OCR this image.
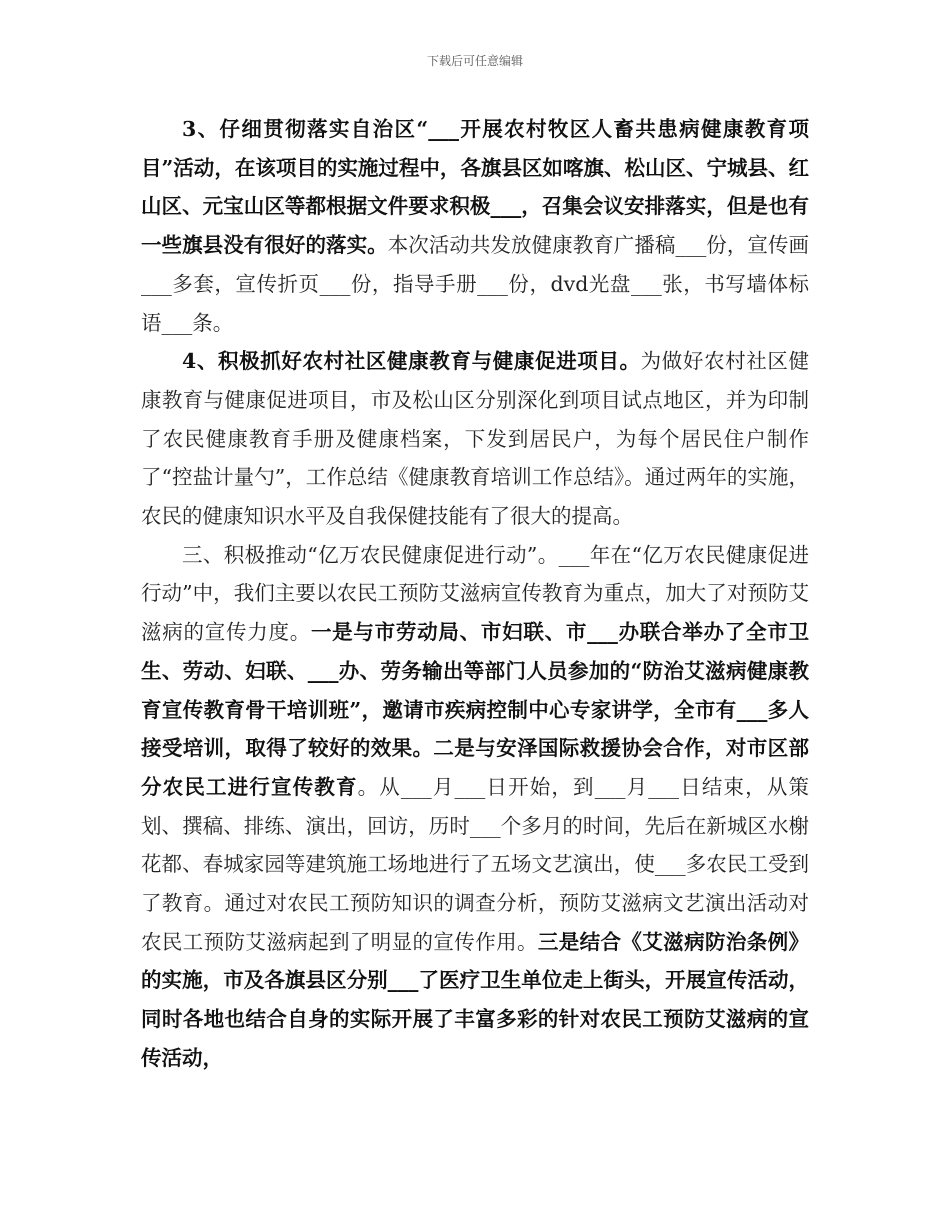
下载后可任意编辑

3、仔细贯彻落实自治区“___开展农村牧区人畜共患病健康教育项目”活动，在该项目的实施过程中，各旗县区如喀旗、松山区、宁城县、红山区、元宝山区等都根据文件要求积极___，召集会议安排落实，但是也有一些旗县没有很好的落实。本次活动共发放健康教育广播稿___份，宣传画___多套，宣传折页___份，指导手册___份，dvd光盘___张，书写墙体标语___条。

4、积极抓好农村社区健康教育与健康促进项目。为做好农村社区健康教育与健康促进项目，市及松山区分别深化到项目试点地区，并为印制了农民健康教育手册及健康档案，下发到居民户，为每个居民住户制作了“控盐计量勺”，工作总结《健康教育培训工作总结》。通过两年的实施，农民的健康知识水平及自我保健技能有了很大的提高。

三、积极推动“亿万农民健康促进行动”。___年在“亿万农民健康促进行动”中，我们主要以农民工预防艾滋病宣传教育为重点，加大了对预防艾滋病的宣传力度。一是与市劳动局、市妇联、市___办联合举办了全市卫生、劳动、妇联、___办、劳务输出等部门人员参加的“防治艾滋病健康教育宣传教育骨干培训班”，邀请市疾病控制中心专家讲学，全市有___多人接受培训，取得了较好的效果。二是与安泽国际救援协会合作，对市区部分农民工进行宣传教育。从___月___日开始，到___月___日结束，从策划、撰稿、排练、演出，回访，历时___个多月的时间，先后在新城区水榭花都、春城家园等建筑施工场地进行了五场文艺演出，使___多农民工受到了教育。通过对农民工预防知识的调查分析，预防艾滋病文艺演出活动对农民工预防艾滋病起到了明显的宣传作用。三是结合《艾滋病防治条例》的实施，市及各旗县区分别___了医疗卫生单位走上街头，开展宣传活动，同时各地也结合自身的实际开展了丰富多彩的针对农民工预防艾滋病的宣传活动，
